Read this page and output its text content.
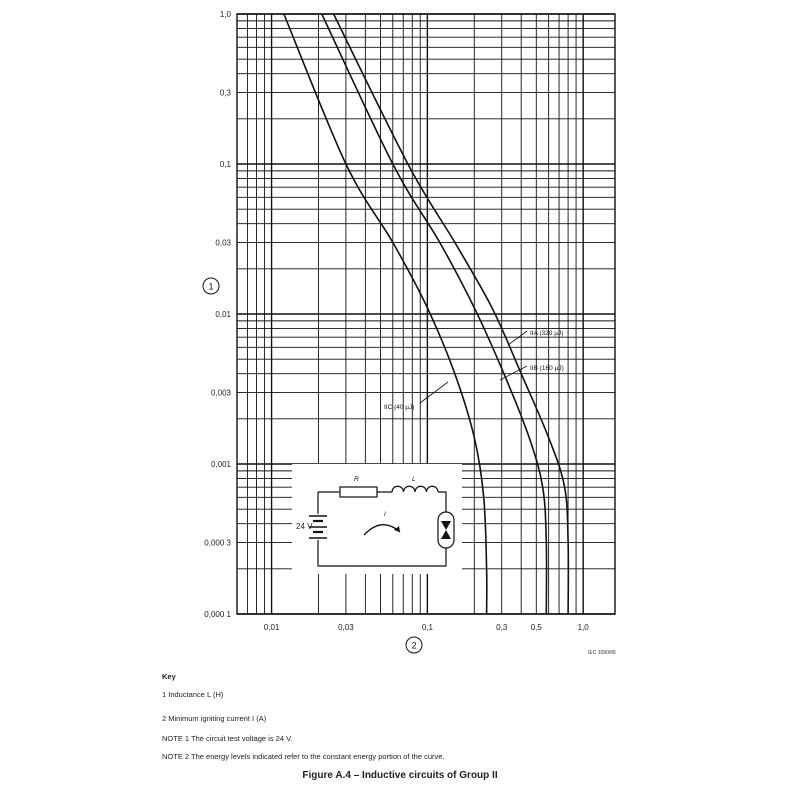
0,01	0,03	0,1	0,3	0,5	1,0
1,0
0,3
0,1
0,03
0,01
0,003
0,001
0,000 3
0,000 1
1
2
IIA (320 µJ)
IIB (160 µJ)
IIC (40 µJ)
24 V
R	L
I
IEC 1090/06
Key
1 Inductance L (H)
2 Minimum igniting current I (A)
NOTE 1 The circuit test voltage is 24 V.
NOTE 2 The energy levels indicated refer to the constant energy portion of the curve.
Figure A.4 – Inductive circuits of Group II
